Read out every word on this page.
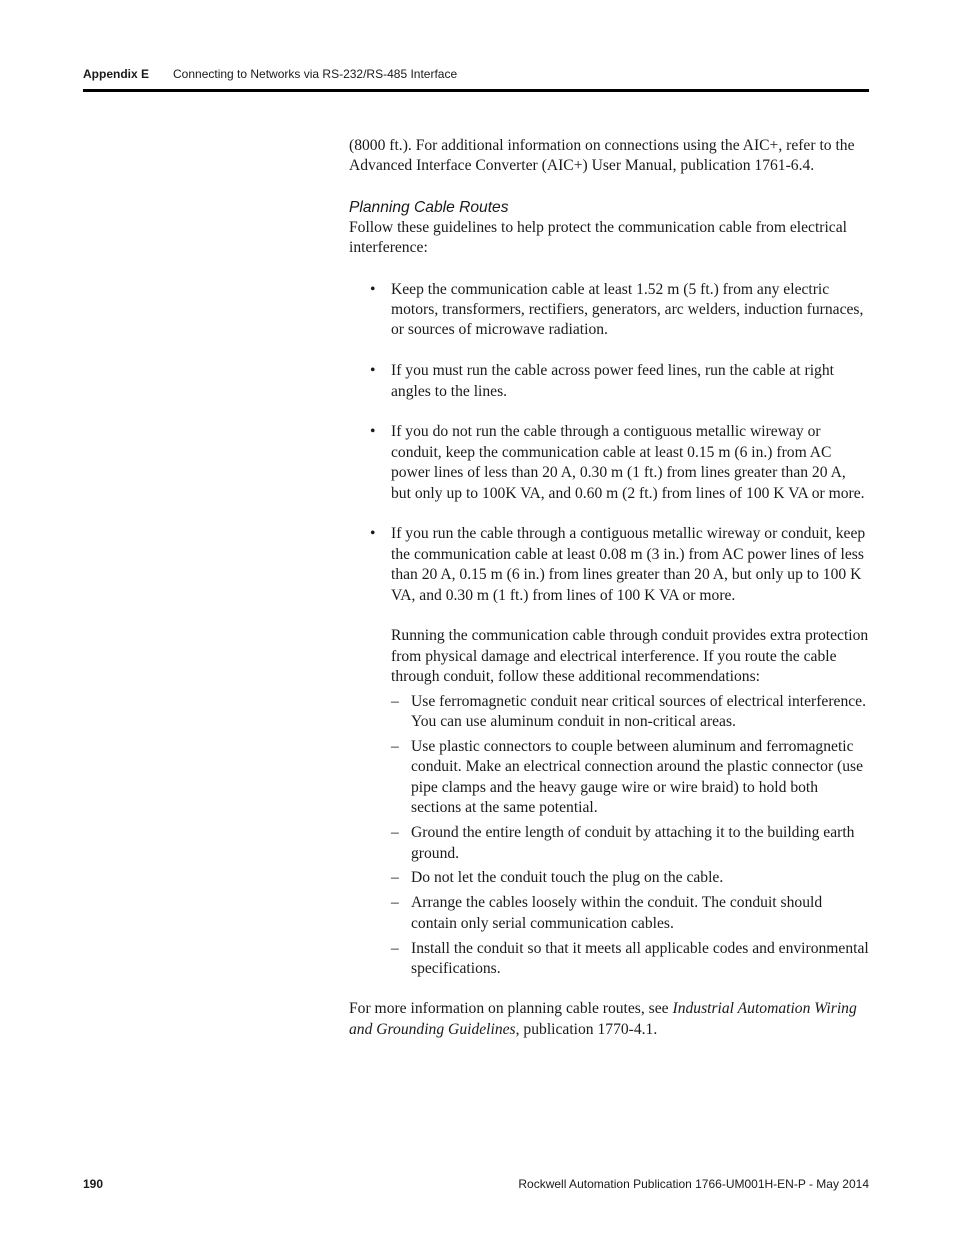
Appendix E Connecting to Networks via RS-232/RS-485 Interface

(8000 ft.). For additional information on connections using the AIC+, refer to the Advanced Interface Converter (AIC+) User Manual, publication 1761-6.4.

Planning Cable Routes

Follow these guidelines to help protect the communication cable from electrical interference:

• Keep the communication cable at least 1.52 m (5 ft.) from any electric motors, transformers, rectifiers, generators, arc welders, induction furnaces, or sources of microwave radiation.
• If you must run the cable across power feed lines, run the cable at right angles to the lines.
• If you do not run the cable through a contiguous metallic wireway or conduit, keep the communication cable at least 0.15 m (6 in.) from AC power lines of less than 20 A, 0.30 m (1 ft.) from lines greater than 20 A, but only up to 100K VA, and 0.60 m (2 ft.) from lines of 100 K VA or more.
• If you run the cable through a contiguous metallic wireway or conduit, keep the communication cable at least 0.08 m (3 in.) from AC power lines of less than 20 A, 0.15 m (6 in.) from lines greater than 20 A, but only up to 100 K VA, and 0.30 m (1 ft.) from lines of 100 K VA or more.

Running the communication cable through conduit provides extra protection from physical damage and electrical interference. If you route the cable through conduit, follow these additional recommendations:

– Use ferromagnetic conduit near critical sources of electrical interference. You can use aluminum conduit in non-critical areas.
– Use plastic connectors to couple between aluminum and ferromagnetic conduit. Make an electrical connection around the plastic connector (use pipe clamps and the heavy gauge wire or wire braid) to hold both sections at the same potential.
– Ground the entire length of conduit by attaching it to the building earth ground.
– Do not let the conduit touch the plug on the cable.
– Arrange the cables loosely within the conduit. The conduit should contain only serial communication cables.
– Install the conduit so that it meets all applicable codes and environmental specifications.

For more information on planning cable routes, see Industrial Automation Wiring and Grounding Guidelines, publication 1770-4.1.

190	Rockwell Automation Publication 1766-UM001H-EN-P - May 2014
